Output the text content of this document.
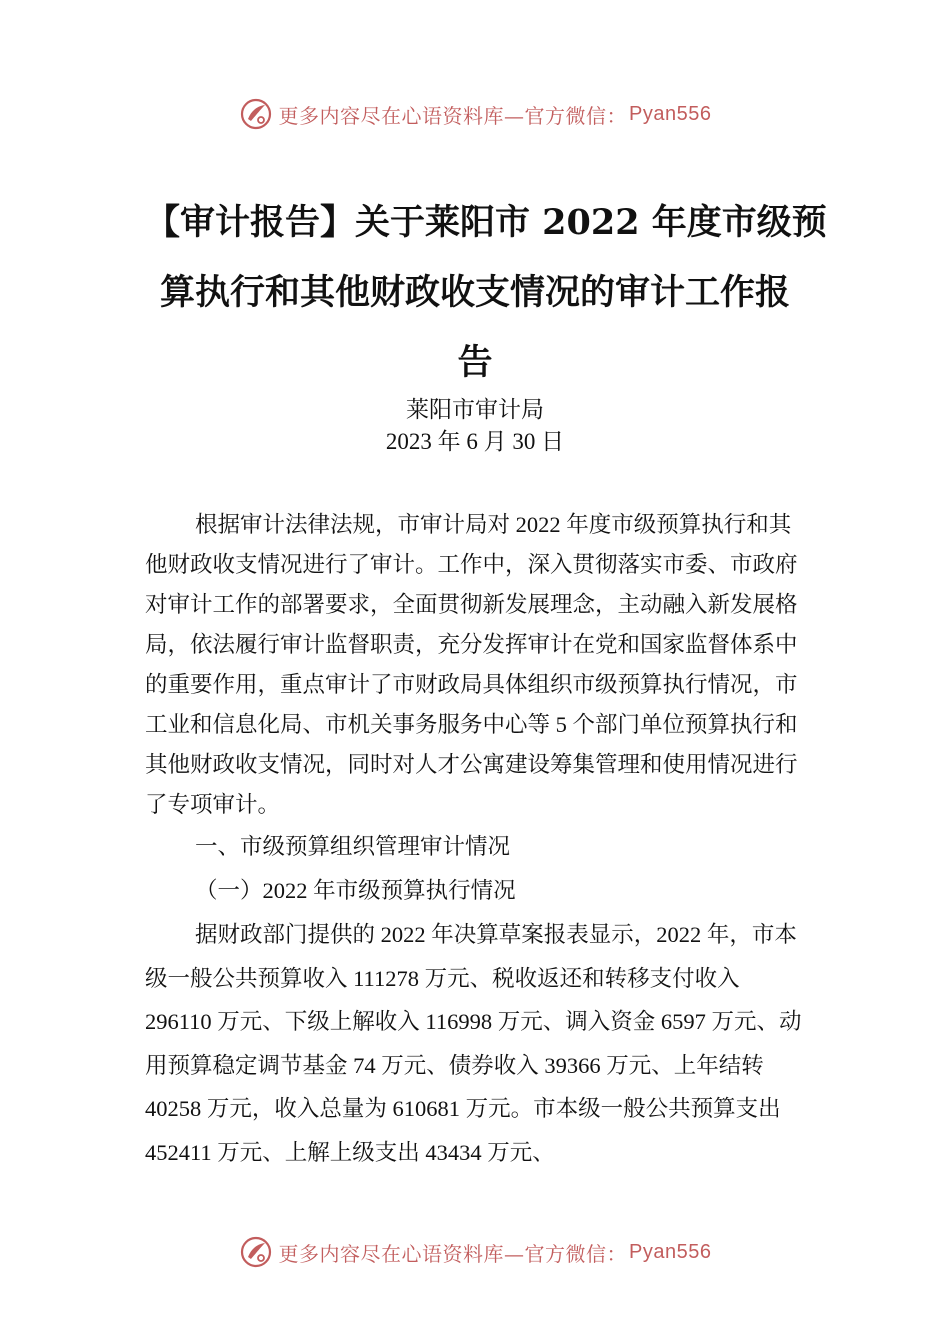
更多内容尽在心语资料库—官方微信： Pyan556
【审计报告】关于莱阳市 2022 年度市级预
算执行和其他财政收支情况的审计工作报
告
莱阳市审计局
2023 年 6 月 30 日

根据审计法律法规，市审计局对 2022 年度市级预算执行和其他财政收支情况进行了审计。工作中，深入贯彻落实市委、市政府对审计工作的部署要求，全面贯彻新发展理念，主动融入新发展格局，依法履行审计监督职责，充分发挥审计在党和国家监督体系中的重要作用，重点审计了市财政局具体组织市级预算执行情况，市工业和信息化局、市机关事务服务中心等 5 个部门单位预算执行和其他财政收支情况，同时对人才公寓建设筹集管理和使用情况进行了专项审计。

一、市级预算组织管理审计情况

（一）2022 年市级预算执行情况

据财政部门提供的 2022 年决算草案报表显示，2022 年，市本级一般公共预算收入 111278 万元、税收返还和转移支付收入 296110 万元、下级上解收入 116998 万元、调入资金 6597 万元、动用预算稳定调节基金 74 万元、债券收入 39366 万元、上年结转 40258 万元，收入总量为 610681 万元。市本级一般公共预算支出 452411 万元、上解上级支出 43434 万元、

更多内容尽在心语资料库—官方微信： Pyan556
